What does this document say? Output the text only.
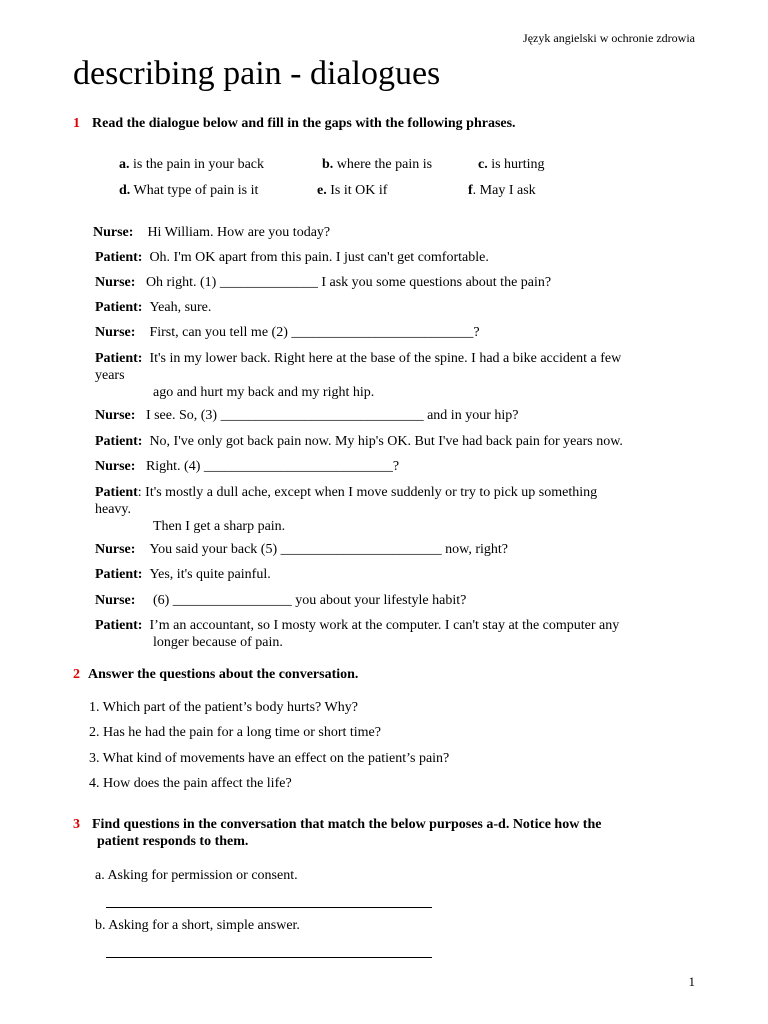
Język angielski w ochronie zdrowia
describing pain - dialogues
1 Read the dialogue below and fill in the gaps with the following phrases.
a. is the pain in your back	b. where the pain is	c. is hurting
d. What type of pain is it	e. Is it OK if	f. May I ask
Nurse: Hi William. How are you today?
Patient: Oh. I'm OK apart from this pain. I just can't get comfortable.
Nurse: Oh right. (1) ______________ I ask you some questions about the pain?
Patient: Yeah, sure.
Nurse: First, can you tell me (2) __________________________?
Patient: It's in my lower back. Right here at the base of the spine. I had a bike accident a few
years
ago and hurt my back and my right hip.
Nurse: I see. So, (3) _____________________________ and in your hip?
Patient: No, I've only got back pain now. My hip's OK. But I've had back pain for years now.
Nurse: Right. (4) ___________________________?
Patient: It's mostly a dull ache, except when I move suddenly or try to pick up something
heavy.
Then I get a sharp pain.
Nurse: You said your back (5) _______________________ now, right?
Patient: Yes, it's quite painful.
Nurse: (6) _________________ you about your lifestyle habit?
Patient: I’m an accountant, so I mosty work at the computer. I can't stay at the computer any
longer because of pain.
2 Answer the questions about the conversation.
1. Which part of the patient’s body hurts? Why?
2. Has he had the pain for a long time or short time?
3. What kind of movements have an effect on the patient’s pain?
4. How does the pain affect the life?
3 Find questions in the conversation that match the below purposes a-d. Notice how the
patient responds to them.
a. Asking for permission or consent.
b. Asking for a short, simple answer.
1
